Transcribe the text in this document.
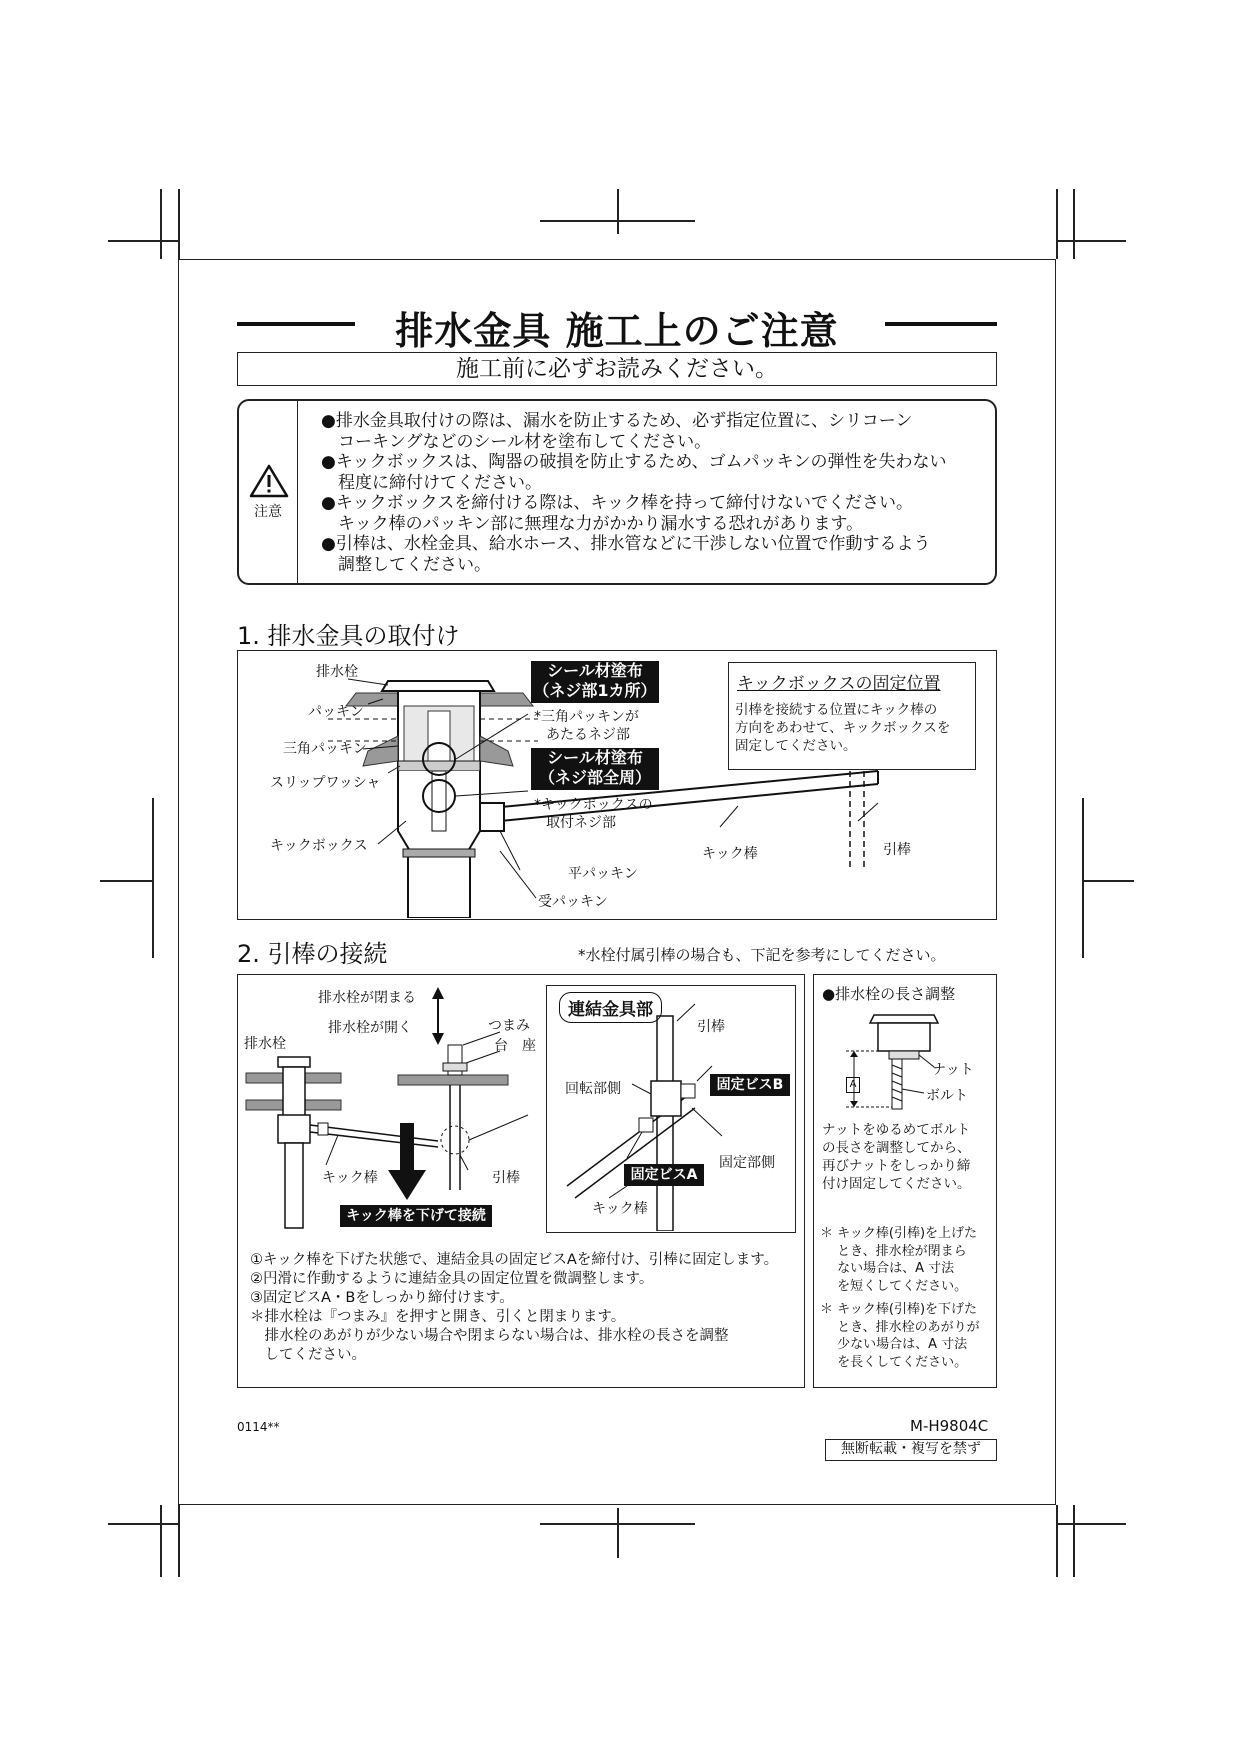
排水金具 施工上のご注意
施工前に必ずお読みください。
注意
●排水金具取付けの際は、漏水を防止するため、必ず指定位置に、シリコーン
　コーキングなどのシール材を塗布してください。
●キックボックスは、陶器の破損を防止するため、ゴムパッキンの弾性を失わない
　程度に締付けてください。
●キックボックスを締付ける際は、キック棒を持って締付けないでください。
　キック棒のパッキン部に無理な力がかかり漏水する恐れがあります。
●引棒は、水栓金具、給水ホース、排水管などに干渉しない位置で作動するよう
　調整してください。
1. 排水金具の取付け
排水栓
パッキン
三角パッキン
スリップワッシャ
キックボックス	キック棒	引棒
平パッキン
受パッキン
シール材塗布
（ネジ部1カ所）
*三角パッキンが
あたるネジ部
シール材塗布
（ネジ部全周）
*キックボックスの
取付ネジ部
キックボックスの固定位置
引棒を接続する位置にキック棒の
方向をあわせて、キックボックスを
固定してください。
2. 引棒の接続	*水栓付属引棒の場合も、下記を参考にしてください。
排水栓が閉まる
排水栓が開く	つまみ
台　座
排水栓
キック棒	引棒
キック棒を下げて接続
連結金具部
引棒
回転部側	固定ビスB
固定部側
固定ビスA
キック棒
①キック棒を下げた状態で、連結金具の固定ビスAを締付け、引棒に固定します。
②円滑に作動するように連結金具の固定位置を微調整します。
③固定ビスA・Bをしっかり締付けます。
＊排水栓は『つまみ』を押すと開き、引くと閉まります。
　排水栓のあがりが少ない場合や閉まらない場合は、排水栓の長さを調整
　してください。
●排水栓の長さ調整
A
ナット
ボルト
ナットをゆるめてボルト
の長さを調整してから、
再びナットをしっかり締
付け固定してください。
＊ キック棒(引棒)を上げた
　 とき、排水栓が閉まら
　 ない場合は、A 寸法
　 を短くしてください。
＊ キック棒(引棒)を下げた
　 とき、排水栓のあがりが
　 少ない場合は、A 寸法
　 を長くしてください。
0114**	M-H9804C
無断転載・複写を禁ず
